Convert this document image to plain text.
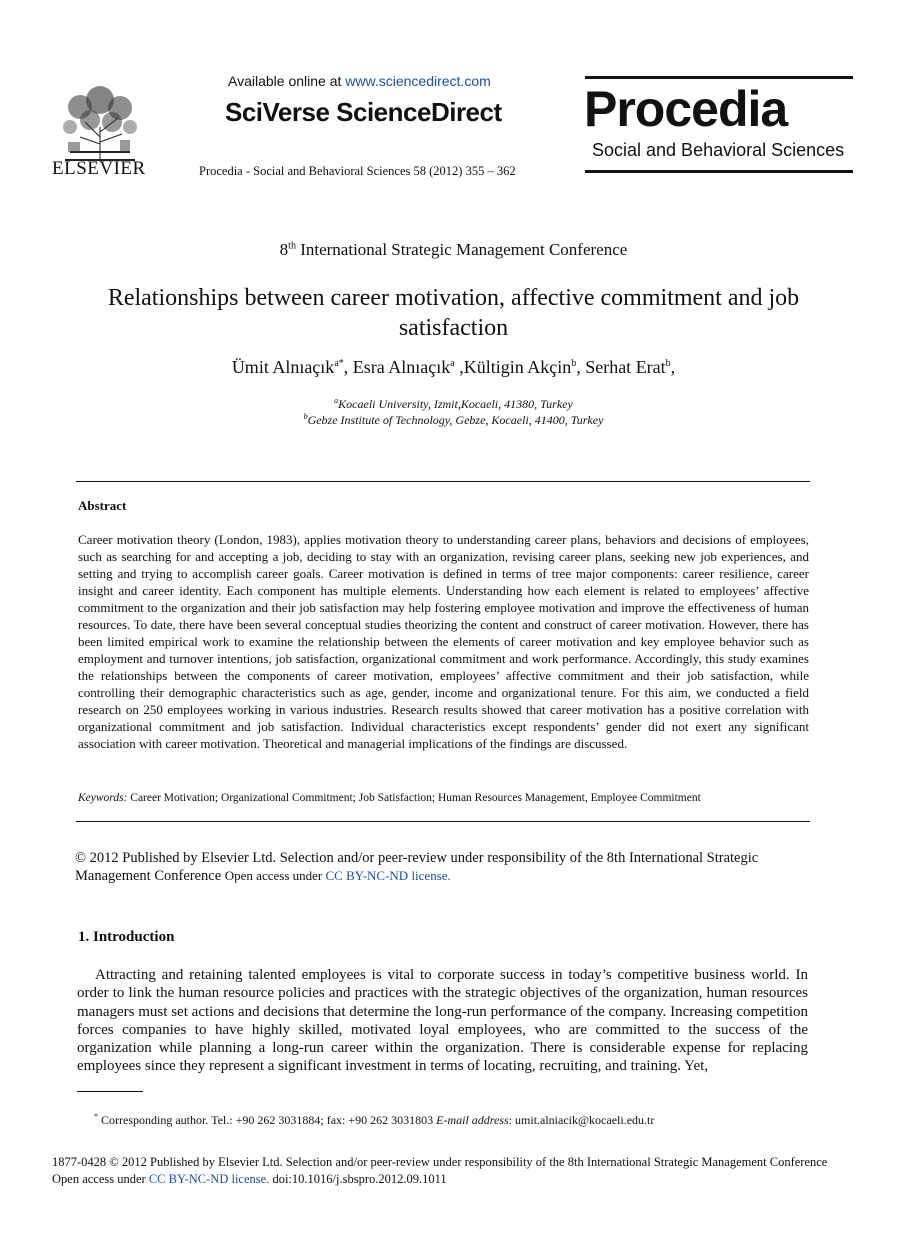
ELSEVIER
Available online at www.sciencedirect.com
SciVerse ScienceDirect
Procedia - Social and Behavioral Sciences 58 (2012) 355 – 362
Procedia
Social and Behavioral Sciences
8th International Strategic Management Conference
Relationships between career motivation, affective commitment and job satisfaction
Ümit Alnıaçık$^{a*}$, Esra Alnıaçık$^a$ ,Kültigin Akçin$^b$, Serhat Erat$^b$,
$^a$Kocaeli University, Izmit,Kocaeli, 41380, Turkey
$^b$Gebze Institute of Technology, Gebze, Kocaeli, 41400, Turkey
Abstract
Career motivation theory (London, 1983), applies motivation theory to understanding career plans, behaviors and decisions of employees, such as searching for and accepting a job, deciding to stay with an organization, revising career plans, seeking new job experiences, and setting and trying to accomplish career goals. Career motivation is defined in terms of tree major components: career resilience, career insight and career identity. Each component has multiple elements. Understanding how each element is related to employees’ affective commitment to the organization and their job satisfaction may help fostering employee motivation and improve the effectiveness of human resources. To date, there have been several conceptual studies theorizing the content and construct of career motivation. However, there has been limited empirical work to examine the relationship between the elements of career motivation and key employee behavior such as employment and turnover intentions, job satisfaction, organizational commitment and work performance. Accordingly, this study examines the relationships between the components of career motivation, employees’ affective commitment and their job satisfaction, while controlling their demographic characteristics such as age, gender, income and organizational tenure. For this aim, we conducted a field research on 250 employees working in various industries. Research results showed that career motivation has a positive correlation with organizational commitment and job satisfaction. Individual characteristics except respondents’ gender did not exert any significant association with career motivation. Theoretical and managerial implications of the findings are discussed.
Keywords: Career Motivation; Organizational Commitment; Job Satisfaction; Human Resources Management, Employee Commitment
© 2012 Published by Elsevier Ltd. Selection and/or peer-review under responsibility of the 8th International Strategic Management Conference Open access under CC BY-NC-ND license.
1. Introduction
Attracting and retaining talented employees is vital to corporate success in today’s competitive business world. In order to link the human resource policies and practices with the strategic objectives of the organization, human resources managers must set actions and decisions that determine the long-run performance of the company. Increasing competition forces companies to have highly skilled, motivated loyal employees, who are committed to the success of the organization while planning a long-run career within the organization. There is considerable expense for replacing employees since they represent a significant investment in terms of locating, recruiting, and training. Yet,
* Corresponding author. Tel.: +90 262 3031884; fax: +90 262 3031803 E-mail address: umit.alniacik@kocaeli.edu.tr
1877-0428 © 2012 Published by Elsevier Ltd. Selection and/or peer-review under responsibility of the 8th International Strategic Management Conference
Open access under CC BY-NC-ND license. doi:10.1016/j.sbspro.2012.09.1011
